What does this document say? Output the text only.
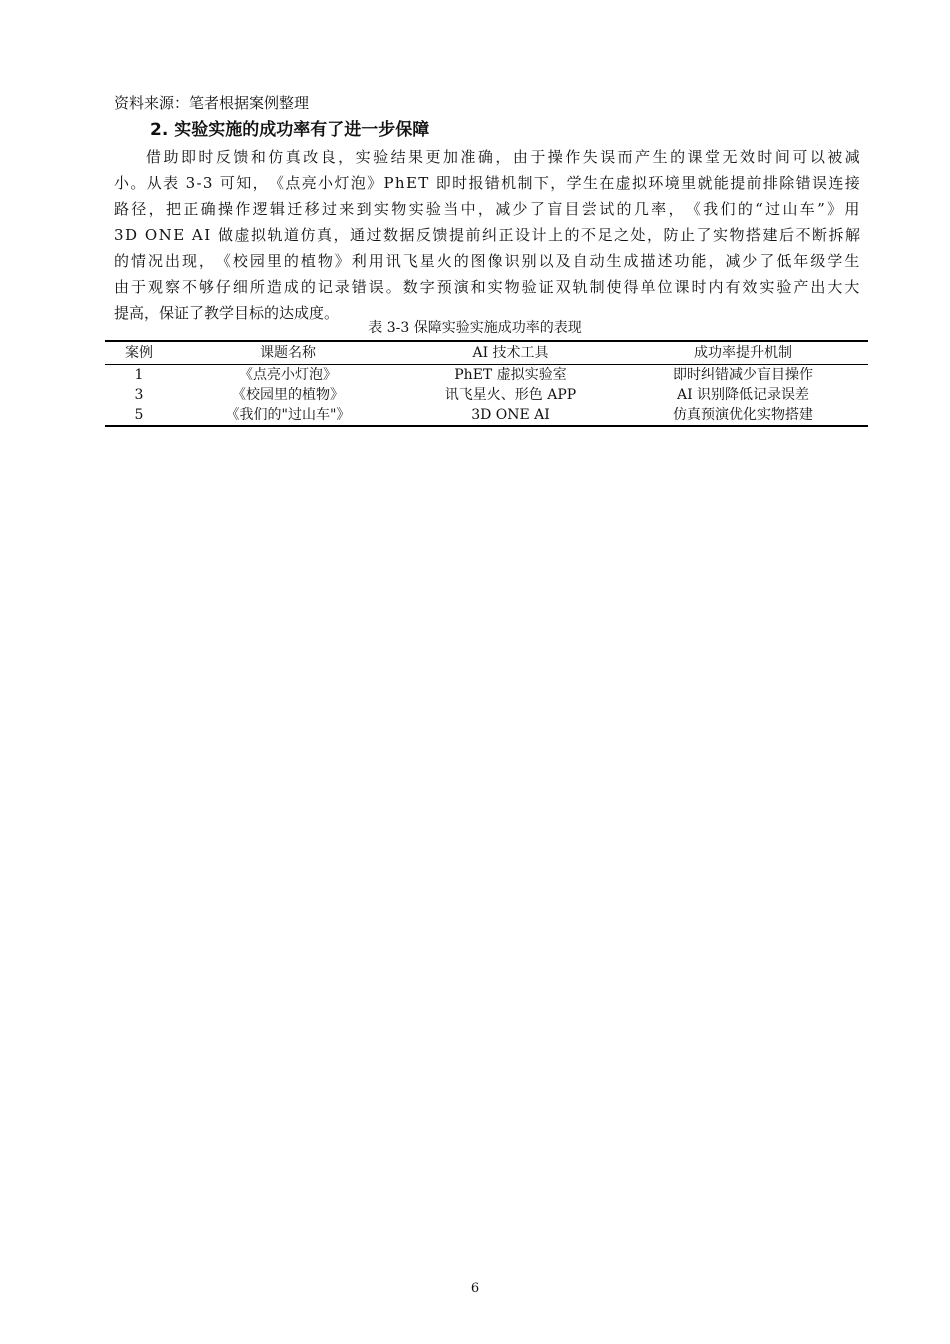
资料来源：笔者根据案例整理
2. 实验实施的成功率有了进一步保障
借 助 即 时 反 馈 和 仿 真 改 良 ， 实 验 结 果 更 加 准 确 ， 由 于 操 作 失 误 而 产 生 的 课 堂 无 效 时 间 可 以 被 减
小 。 从 表
3 - 3
可 知 ， 《 点 亮 小 灯 泡 》 P h E T
即 时 报 错 机 制 下 ， 学 生 在 虚 拟 环 境 里 就 能 提 前 排 除 错 误 连 接
路 径 ， 把 正 确 操 作 逻 辑 迁 移 过 来 到 实 物 实 验 当 中 ， 减 少 了 盲 目 尝 试 的 几 率 ， 《 我 们 的 “ 过 山 车 ” 》 用
3 D
O N E
A I
做 虚 拟 轨 道 仿 真 ， 通 过 数 据 反 馈 提 前 纠 正 设 计 上 的 不 足 之 处 ， 防 止 了 实 物 搭 建 后 不 断 拆 解
的 情 况 出 现 ， 《 校 园 里 的 植 物 》 利 用 讯 飞 星 火 的 图 像 识 别 以 及 自 动 生 成 描 述 功 能 ， 减 少 了 低 年 级 学 生
由 于 观 察 不 够 仔 细 所 造 成 的 记 录 错 误 。 数 字 预 演 和 实 物 验 证 双 轨 制 使 得 单 位 课 时 内 有 效 实 验 产 出 大 大
提高，保证了教学目标的达成度。
表 3-3 保障实验实施成功率的表现
案例	课题名称	AI 技术工具	成功率提升机制
1	《点亮小灯泡》	PhET 虚拟实验室	即时纠错减少盲目操作
3	《校园里的植物》	讯飞星火、形色 APP	AI 识别降低记录误差
5	《我们的"过山车"》	3D ONE AI	仿真预演优化实物搭建
6
